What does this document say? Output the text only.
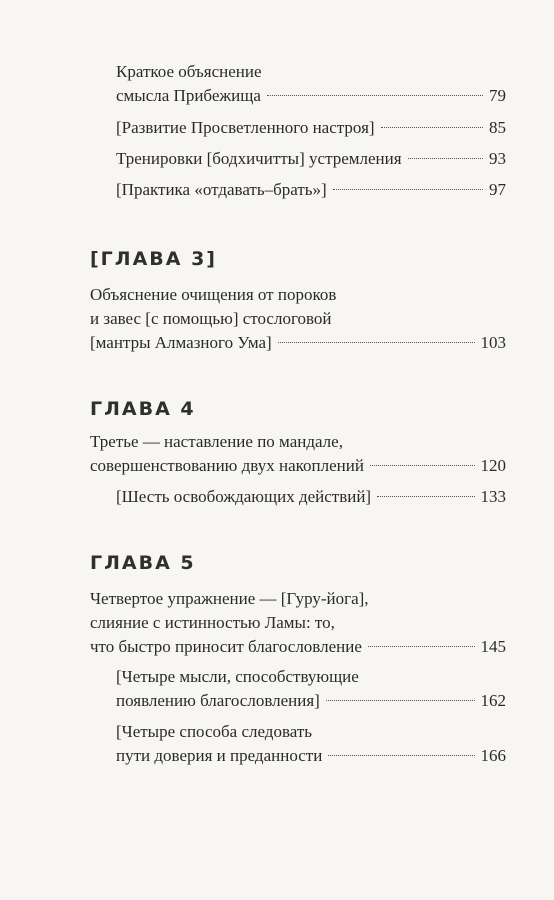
Краткое объяснение
смысла Прибежища	79
[Развитие Просветленного настроя]	85
Тренировки [бодхичитты] устремления	93
[Практика «отдавать–брать»]	97
[ГЛАВА 3]
Объяснение очищения от пороков
и завес [с помощью] стослоговой
[мантры Алмазного Ума]	103
ГЛАВА 4
Третье — наставление по мандале,
совершенствованию двух накоплений	120
[Шесть освобождающих действий]	133
ГЛАВА 5
Четвертое упражнение — [Гуру-йога],
слияние с истинностью Ламы: то,
что быстро приносит благословление	145
[Четыре мысли, способствующие
появлению благословления]	162
[Четыре способа следовать
пути доверия и преданности	166
